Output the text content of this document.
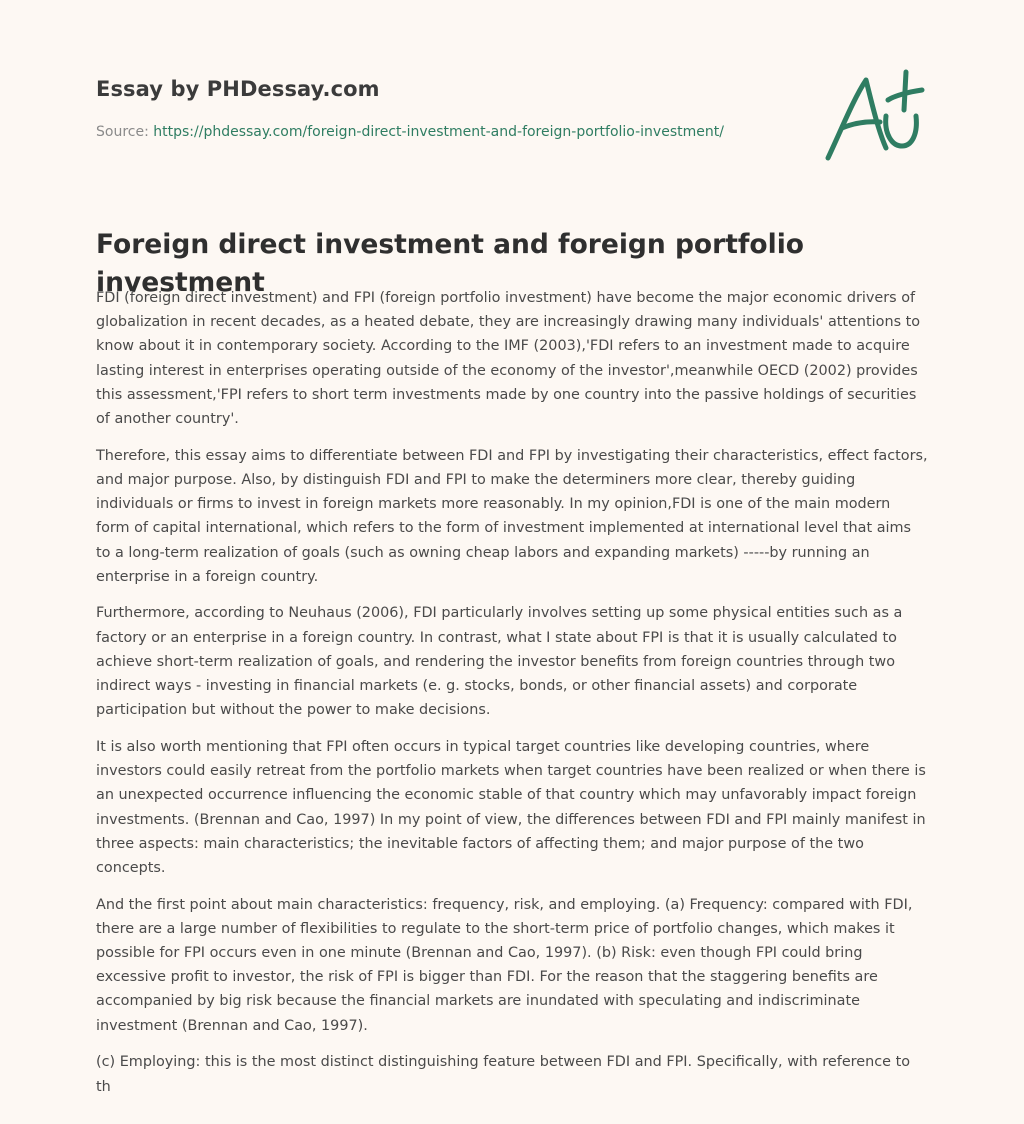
Essay by PHDessay.com
Source: https://phdessay.com/foreign-direct-investment-and-foreign-portfolio-investment/
Foreign direct investment and foreign portfolio investment

FDI (foreign direct investment) and FPI (foreign portfolio investment) have become the major economic drivers of globalization in recent decades, as a heated debate, they are increasingly drawing many individuals' attentions to know about it in contemporary society. According to the IMF (2003),'FDI refers to an investment made to acquire lasting interest in enterprises operating outside of the economy of the investor',meanwhile OECD (2002) provides this assessment,'FPI refers to short term investments made by one country into the passive holdings of securities of another country'.

Therefore, this essay aims to differentiate between FDI and FPI by investigating their characteristics, effect factors, and major purpose. Also, by distinguish FDI and FPI to make the determiners more clear, thereby guiding individuals or firms to invest in foreign markets more reasonably. In my opinion,FDI is one of the main modern form of capital international, which refers to the form of investment implemented at international level that aims to a long-term realization of goals (such as owning cheap labors and expanding markets) -----by running an enterprise in a foreign country.

Furthermore, according to Neuhaus (2006), FDI particularly involves setting up some physical entities such as a factory or an enterprise in a foreign country. In contrast, what I state about FPI is that it is usually calculated to achieve short-term realization of goals, and rendering the investor benefits from foreign countries through two indirect ways - investing in financial markets (e. g. stocks, bonds, or other financial assets) and corporate participation but without the power to make decisions.

It is also worth mentioning that FPI often occurs in typical target countries like developing countries, where investors could easily retreat from the portfolio markets when target countries have been realized or when there is an unexpected occurrence influencing the economic stable of that country which may unfavorably impact foreign investments. (Brennan and Cao, 1997) In my point of view, the differences between FDI and FPI mainly manifest in three aspects: main characteristics; the inevitable factors of affecting them; and major purpose of the two concepts.

And the first point about main characteristics: frequency, risk, and employing. (a) Frequency: compared with FDI, there are a large number of flexibilities to regulate to the short-term price of portfolio changes, which makes it possible for FPI occurs even in one minute (Brennan and Cao, 1997). (b) Risk: even though FPI could bring excessive profit to investor, the risk of FPI is bigger than FDI. For the reason that the staggering benefits are accompanied by big risk because the financial markets are inundated with speculating and indiscriminate investment (Brennan and Cao, 1997).

(c) Employing: this is the most distinct distinguishing feature between FDI and FPI. Specifically, with reference to th
